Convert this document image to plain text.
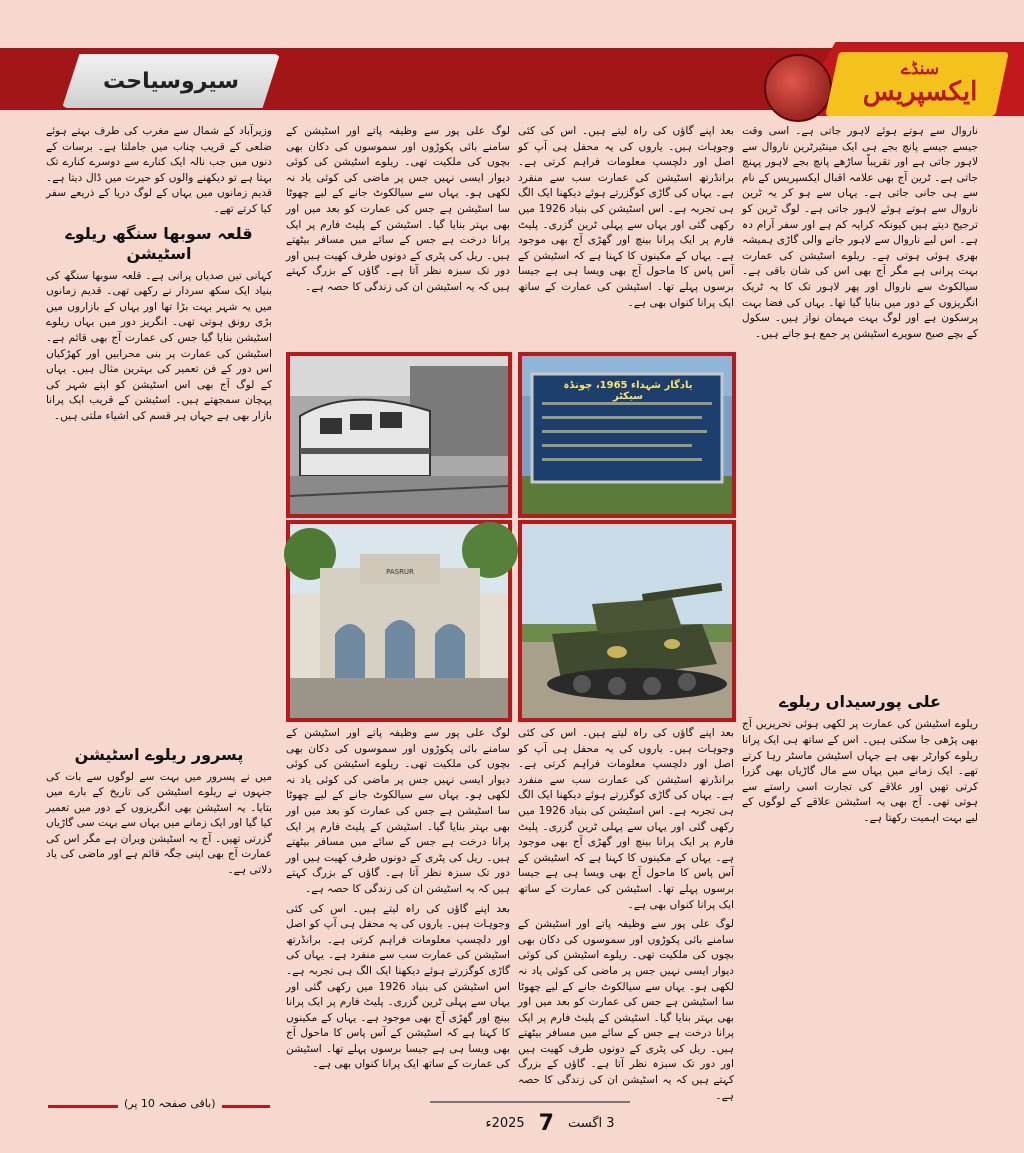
سنڈے
ایکسپریس
سیروسیاحت

ناروال سے ہوتے ہوئے لاہور جاتی ہے۔ اسی وقت جیسے جیسے پانچ بجے ہی ایک مینٹیرٹرین ناروال سے لاہور جاتی ہے اور تقریباً ساڑھے پانچ بجے لاہور پہنچ جاتی ہے۔ ٹرین آج بھی علامہ اقبال ایکسپریس کے نام سے ہی جانی جاتی ہے۔ یہاں سے ہو کر یہ ٹرین ناروال سے ہوتے ہوئے لاہور جاتی ہے۔ لوگ ٹرین کو ترجیح دیتے ہیں کیونکہ کرایہ کم ہے اور سفر آرام دہ ہے۔ اس لیے ناروال سے لاہور جانے والی گاڑی ہمیشہ بھری ہوئی ہوتی ہے۔ ریلوے اسٹیشن کی عمارت بہت پرانی ہے مگر آج بھی اس کی شان باقی ہے۔ سیالکوٹ سے ناروال اور پھر لاہور تک کا یہ ٹریک انگریزوں کے دور میں بنایا گیا تھا۔ یہاں کی فضا بہت پرسکون ہے اور لوگ بہت مہمان نواز ہیں۔ سکول کے بچے صبح سویرے اسٹیشن پر جمع ہو جاتے ہیں۔

علی پورسیداں ریلوے

ریلوے اسٹیشن کی عمارت پر لکھی ہوئی تحریریں آج بھی پڑھی جا سکتی ہیں۔ اس کے ساتھ ہی ایک پرانا ریلوے کوارٹر بھی ہے جہاں اسٹیشن ماسٹر رہا کرتے تھے۔ ایک زمانے میں یہاں سے مال گاڑیاں بھی گزرا کرتی تھیں اور علاقے کی تجارت اسی راستے سے ہوتی تھی۔ آج بھی یہ اسٹیشن علاقے کے لوگوں کے لیے بہت اہمیت رکھتا ہے۔

بعد اپنے گاؤں کی راہ لیتے ہیں۔ اس کی کئی وجوہات ہیں۔ یاروں کی یہ محفل ہی آپ کو اصل اور دلچسپ معلومات فراہم کرتی ہے۔ برانڈرتھ اسٹیشن کی عمارت سب سے منفرد ہے۔ یہاں کی گاڑی کوگزرتے ہوئے دیکھنا ایک الگ ہی تجربہ ہے۔ اس اسٹیشن کی بنیاد 1926 میں رکھی گئی اور یہاں سے پہلی ٹرین گزری۔ پلیٹ فارم پر ایک پرانا بینچ اور گھڑی آج بھی موجود ہے۔ یہاں کے مکینوں کا کہنا ہے کہ اسٹیشن کے آس پاس کا ماحول آج بھی ویسا ہی ہے جیسا برسوں پہلے تھا۔ اسٹیشن کی عمارت کے ساتھ ایک پرانا کنواں بھی ہے۔

لوگ علی پور سے وظیفہ پاتے اور اسٹیشن کے سامنے بائی پکوڑوں اور سموسوں کی دکان بھی بچوں کی ملکیت تھی۔ ریلوے اسٹیشن کی کوئی دیوار ایسی نہیں جس پر ماضی کی کوئی یاد نہ لکھی ہو۔ یہاں سے سیالکوٹ جانے کے لیے چھوٹا سا اسٹیشن ہے جس کی عمارت کو بعد میں اور بھی بہتر بنایا گیا۔ اسٹیشن کے پلیٹ فارم پر ایک پرانا درخت ہے جس کے سائے میں مسافر بیٹھتے ہیں۔ ریل کی پٹری کے دونوں طرف کھیت ہیں اور دور تک سبزہ نظر آتا ہے۔ گاؤں کے بزرگ کہتے ہیں کہ یہ اسٹیشن ان کی زندگی کا حصہ ہے۔

وزیرآباد کے شمال سے مغرب کی طرف بہتے ہوئے ضلعی کے قریب چناب میں جاملتا ہے۔ برسات کے دنوں میں جب نالہ ایک کنارے سے دوسرے کنارے تک بہتا ہے تو دیکھنے والوں کو حیرت میں ڈال دیتا ہے۔ قدیم زمانوں میں یہاں کے لوگ دریا کے ذریعے سفر کیا کرتے تھے۔

قلعہ سوبھا سنگھ ریلوے اسٹیشن

کہانی تین صدیاں پرانی ہے۔ قلعہ سوبھا سنگھ کی بنیاد ایک سکھ سردار نے رکھی تھی۔ قدیم زمانوں میں یہ شہر بہت بڑا تھا اور یہاں کے بازاروں میں بڑی رونق ہوتی تھی۔ انگریز دور میں یہاں ریلوے اسٹیشن بنایا گیا جس کی عمارت آج بھی قائم ہے۔ اسٹیشن کی عمارت پر بنی محرابیں اور کھڑکیاں اس دور کے فن تعمیر کی بہترین مثال ہیں۔ یہاں کے لوگ آج بھی اس اسٹیشن کو اپنے شہر کی پہچان سمجھتے ہیں۔ اسٹیشن کے قریب ایک پرانا بازار بھی ہے جہاں ہر قسم کی اشیاء ملتی ہیں۔

پسرور ریلوے اسٹیشن

میں نے پسرور میں بہت سے لوگوں سے بات کی جنہوں نے ریلوے اسٹیشن کی تاریخ کے بارے میں بتایا۔ یہ اسٹیشن بھی انگریزوں کے دور میں تعمیر کیا گیا اور ایک زمانے میں یہاں سے بہت سی گاڑیاں گزرتی تھیں۔ آج یہ اسٹیشن ویران ہے مگر اس کی عمارت آج بھی اپنی جگہ قائم ہے اور ماضی کی یاد دلاتی ہے۔

بعد اپنے گاؤں کی راہ لیتے ہیں۔ اس کی کئی وجوہات ہیں۔ یاروں کی یہ محفل ہی آپ کو اصل اور دلچسپ معلومات فراہم کرتی ہے۔ برانڈرتھ اسٹیشن کی عمارت سب سے منفرد ہے۔ یہاں کی گاڑی کوگزرتے ہوئے دیکھنا ایک الگ ہی تجربہ ہے۔ اس اسٹیشن کی بنیاد 1926 میں رکھی گئی اور یہاں سے پہلی ٹرین گزری۔ پلیٹ فارم پر ایک پرانا بینچ اور گھڑی آج بھی موجود ہے۔ یہاں کے مکینوں کا کہنا ہے کہ اسٹیشن کے آس پاس کا ماحول آج بھی ویسا ہی ہے جیسا برسوں پہلے تھا۔ اسٹیشن کی عمارت کے ساتھ ایک پرانا کنواں بھی ہے۔

لوگ علی پور سے وظیفہ پاتے اور اسٹیشن کے سامنے بائی پکوڑوں اور سموسوں کی دکان بھی بچوں کی ملکیت تھی۔ ریلوے اسٹیشن کی کوئی دیوار ایسی نہیں جس پر ماضی کی کوئی یاد نہ لکھی ہو۔ یہاں سے سیالکوٹ جانے کے لیے چھوٹا سا اسٹیشن ہے جس کی عمارت کو بعد میں اور بھی بہتر بنایا گیا۔ اسٹیشن کے پلیٹ فارم پر ایک پرانا درخت ہے جس کے سائے میں مسافر بیٹھتے ہیں۔ ریل کی پٹری کے دونوں طرف کھیت ہیں اور دور تک سبزہ نظر آتا ہے۔ گاؤں کے بزرگ کہتے ہیں کہ یہ اسٹیشن ان کی زندگی کا حصہ ہے۔

لوگ علی پور سے وظیفہ پاتے اور اسٹیشن کے سامنے بائی پکوڑوں اور سموسوں کی دکان بھی بچوں کی ملکیت تھی۔ ریلوے اسٹیشن کی کوئی دیوار ایسی نہیں جس پر ماضی کی کوئی یاد نہ لکھی ہو۔ یہاں سے سیالکوٹ جانے کے لیے چھوٹا سا اسٹیشن ہے جس کی عمارت کو بعد میں اور بھی بہتر بنایا گیا۔ اسٹیشن کے پلیٹ فارم پر ایک پرانا درخت ہے جس کے سائے میں مسافر بیٹھتے ہیں۔ ریل کی پٹری کے دونوں طرف کھیت ہیں اور دور تک سبزہ نظر آتا ہے۔ گاؤں کے بزرگ کہتے ہیں کہ یہ اسٹیشن ان کی زندگی کا حصہ ہے۔

بعد اپنے گاؤں کی راہ لیتے ہیں۔ اس کی کئی وجوہات ہیں۔ یاروں کی یہ محفل ہی آپ کو اصل اور دلچسپ معلومات فراہم کرتی ہے۔ برانڈرتھ اسٹیشن کی عمارت سب سے منفرد ہے۔ یہاں کی گاڑی کوگزرتے ہوئے دیکھنا ایک الگ ہی تجربہ ہے۔ اس اسٹیشن کی بنیاد 1926 میں رکھی گئی اور یہاں سے پہلی ٹرین گزری۔ پلیٹ فارم پر ایک پرانا بینچ اور گھڑی آج بھی موجود ہے۔ یہاں کے مکینوں کا کہنا ہے کہ اسٹیشن کے آس پاس کا ماحول آج بھی ویسا ہی ہے جیسا برسوں پہلے تھا۔ اسٹیشن کی عمارت کے ساتھ ایک پرانا کنواں بھی ہے۔

یادگار شہداء 1965، چونڈہ سیکٹر
PASRUR
(باقی صفحہ 10 پر)
3 اگست
7
2025ء
